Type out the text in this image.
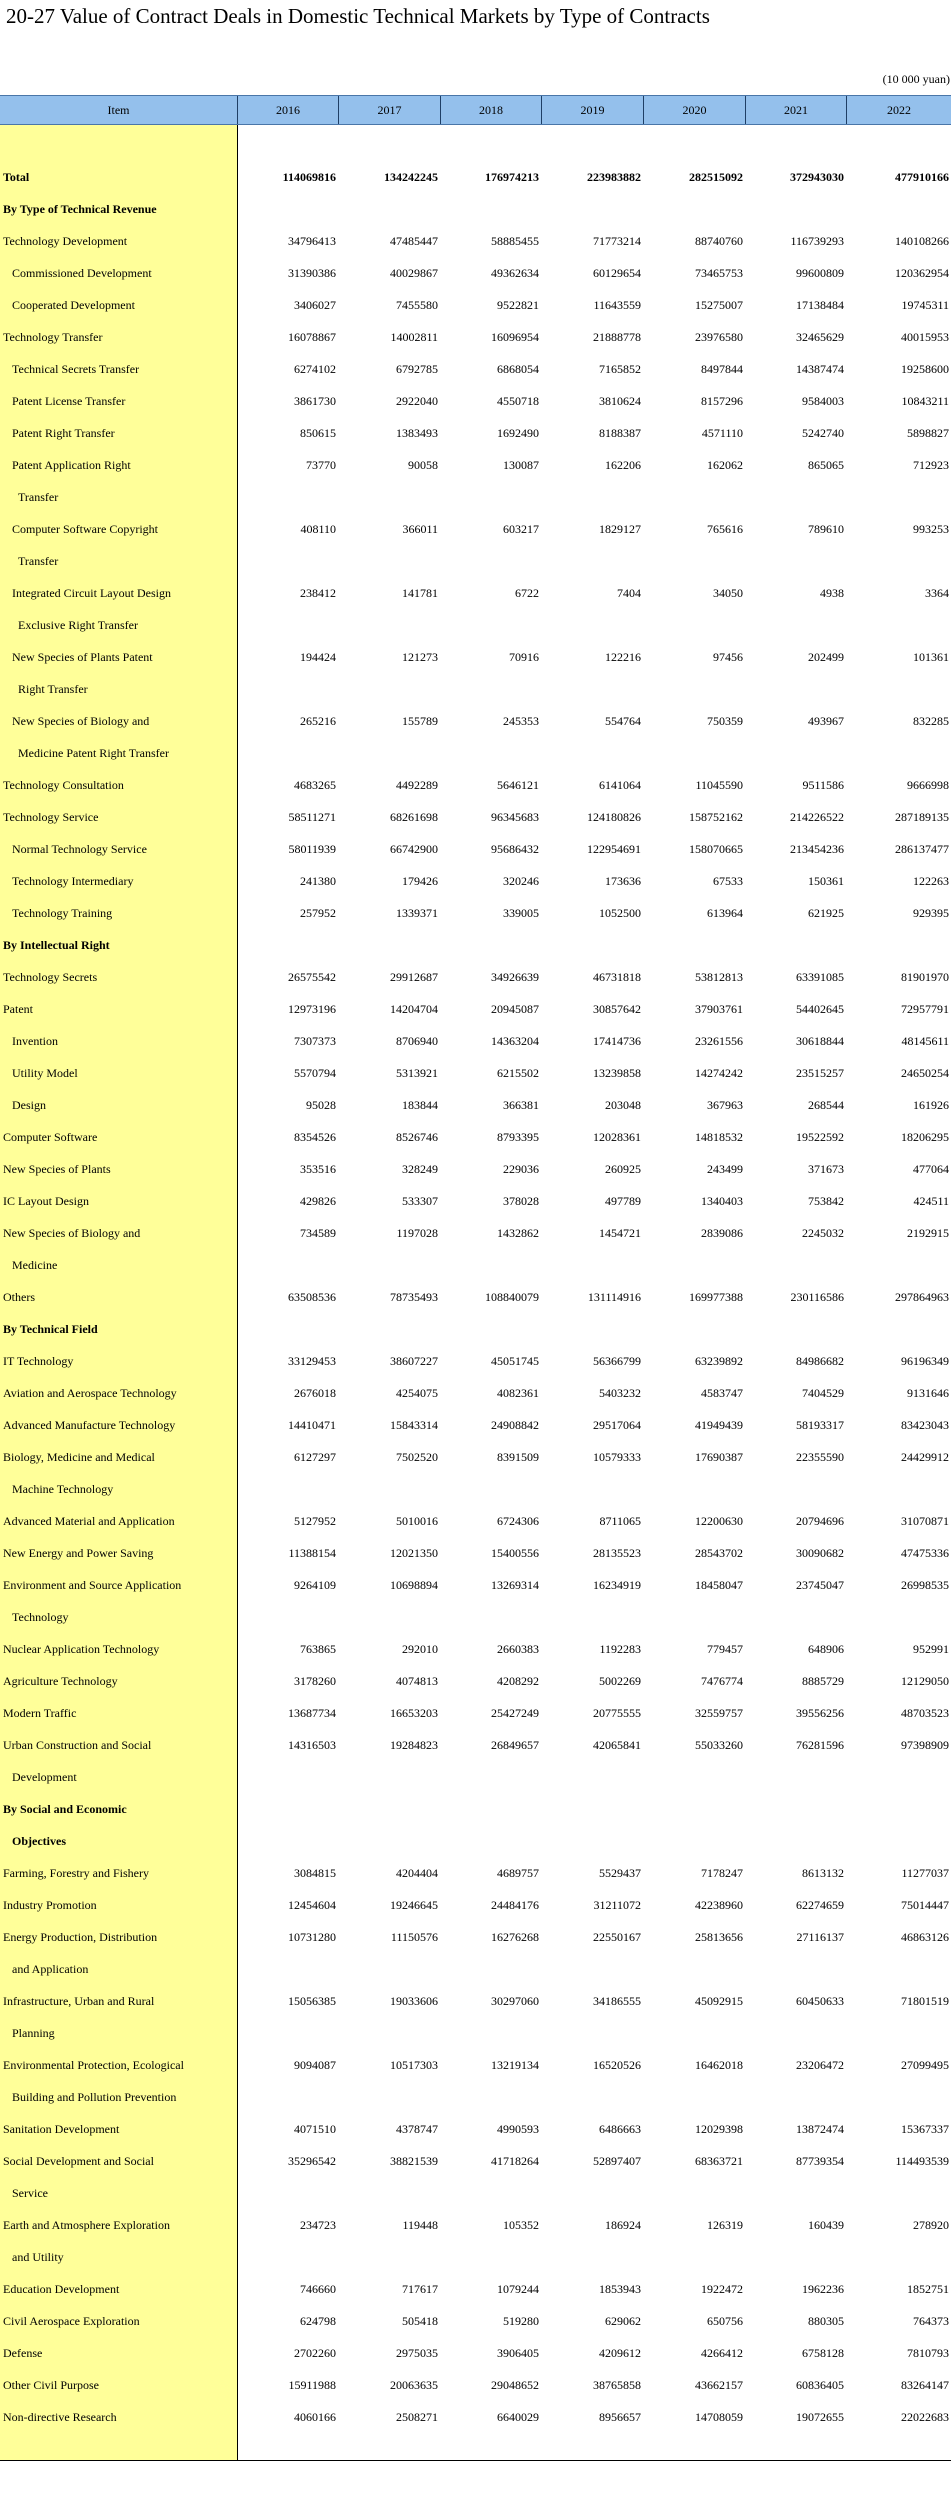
20-27 Value of Contract Deals in Domestic Technical Markets by Type of Contracts
(10 000 yuan)
Item	2016	2017	2018	2019	2020	2021	2022
Total	114069816	134242245	176974213	223983882	282515092	372943030	477910166
By Type of Technical Revenue
Technology Development	34796413	47485447	58885455	71773214	88740760	116739293	140108266
Commissioned Development	31390386	40029867	49362634	60129654	73465753	99600809	120362954
Cooperated Development	3406027	7455580	9522821	11643559	15275007	17138484	19745311
Technology Transfer	16078867	14002811	16096954	21888778	23976580	32465629	40015953
Technical Secrets Transfer	6274102	6792785	6868054	7165852	8497844	14387474	19258600
Patent License Transfer	3861730	2922040	4550718	3810624	8157296	9584003	10843211
Patent Right Transfer	850615	1383493	1692490	8188387	4571110	5242740	5898827
Patent Application Right	73770	90058	130087	162206	162062	865065	712923
Transfer
Computer Software Copyright	408110	366011	603217	1829127	765616	789610	993253
Transfer
Integrated Circuit Layout Design	238412	141781	6722	7404	34050	4938	3364
Exclusive Right Transfer
New Species of Plants Patent	194424	121273	70916	122216	97456	202499	101361
Right Transfer
New Species of Biology and	265216	155789	245353	554764	750359	493967	832285
Medicine Patent Right Transfer
Technology Consultation	4683265	4492289	5646121	6141064	11045590	9511586	9666998
Technology Service	58511271	68261698	96345683	124180826	158752162	214226522	287189135
Normal Technology Service	58011939	66742900	95686432	122954691	158070665	213454236	286137477
Technology Intermediary	241380	179426	320246	173636	67533	150361	122263
Technology Training	257952	1339371	339005	1052500	613964	621925	929395
By Intellectual Right
Technology Secrets	26575542	29912687	34926639	46731818	53812813	63391085	81901970
Patent	12973196	14204704	20945087	30857642	37903761	54402645	72957791
Invention	7307373	8706940	14363204	17414736	23261556	30618844	48145611
Utility Model	5570794	5313921	6215502	13239858	14274242	23515257	24650254
Design	95028	183844	366381	203048	367963	268544	161926
Computer Software	8354526	8526746	8793395	12028361	14818532	19522592	18206295
New Species of Plants	353516	328249	229036	260925	243499	371673	477064
IC Layout Design	429826	533307	378028	497789	1340403	753842	424511
New Species of Biology and	734589	1197028	1432862	1454721	2839086	2245032	2192915
Medicine
Others	63508536	78735493	108840079	131114916	169977388	230116586	297864963
By Technical Field
IT Technology	33129453	38607227	45051745	56366799	63239892	84986682	96196349
Aviation and Aerospace Technology	2676018	4254075	4082361	5403232	4583747	7404529	9131646
Advanced Manufacture Technology	14410471	15843314	24908842	29517064	41949439	58193317	83423043
Biology, Medicine and Medical	6127297	7502520	8391509	10579333	17690387	22355590	24429912
Machine Technology
Advanced Material and Application	5127952	5010016	6724306	8711065	12200630	20794696	31070871
New Energy and Power Saving	11388154	12021350	15400556	28135523	28543702	30090682	47475336
Environment and Source Application	9264109	10698894	13269314	16234919	18458047	23745047	26998535
Technology
Nuclear Application Technology	763865	292010	2660383	1192283	779457	648906	952991
Agriculture Technology	3178260	4074813	4208292	5002269	7476774	8885729	12129050
Modern Traffic	13687734	16653203	25427249	20775555	32559757	39556256	48703523
Urban Construction and Social	14316503	19284823	26849657	42065841	55033260	76281596	97398909
Development
By Social and Economic
Objectives
Farming, Forestry and Fishery	3084815	4204404	4689757	5529437	7178247	8613132	11277037
Industry Promotion	12454604	19246645	24484176	31211072	42238960	62274659	75014447
Energy Production, Distribution	10731280	11150576	16276268	22550167	25813656	27116137	46863126
and Application
Infrastructure, Urban and Rural	15056385	19033606	30297060	34186555	45092915	60450633	71801519
Planning
Environmental Protection, Ecological	9094087	10517303	13219134	16520526	16462018	23206472	27099495
Building and Pollution Prevention
Sanitation Development	4071510	4378747	4990593	6486663	12029398	13872474	15367337
Social Development and Social	35296542	38821539	41718264	52897407	68363721	87739354	114493539
Service
Earth and Atmosphere Exploration	234723	119448	105352	186924	126319	160439	278920
and Utility
Education Development	746660	717617	1079244	1853943	1922472	1962236	1852751
Civil Aerospace Exploration	624798	505418	519280	629062	650756	880305	764373
Defense	2702260	2975035	3906405	4209612	4266412	6758128	7810793
Other Civil Purpose	15911988	20063635	29048652	38765858	43662157	60836405	83264147
Non-directive Research	4060166	2508271	6640029	8956657	14708059	19072655	22022683
